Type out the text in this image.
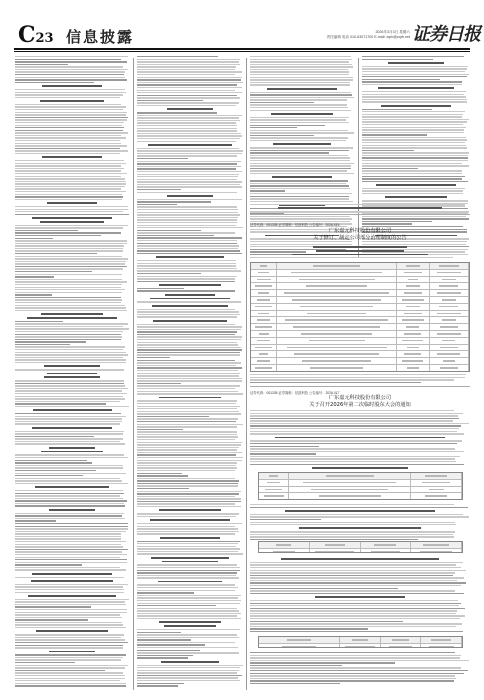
C23 信息披露	2026年3月3日 星期六
责任编辑 电话 010-63071700 E-mail: zqrb@zqrb.net 证券日报
证券代码：001335 证券简称：信凯科技 公告编号：2026-016
广东嘉元科技股份有限公司
关于修订、制定公司部分治理制度的公告
证券代码：001335 证券简称：信凯科技 公告编号：2026-017
广东嘉元科技股份有限公司
关于召开2026年第二次临时股东大会的通知
